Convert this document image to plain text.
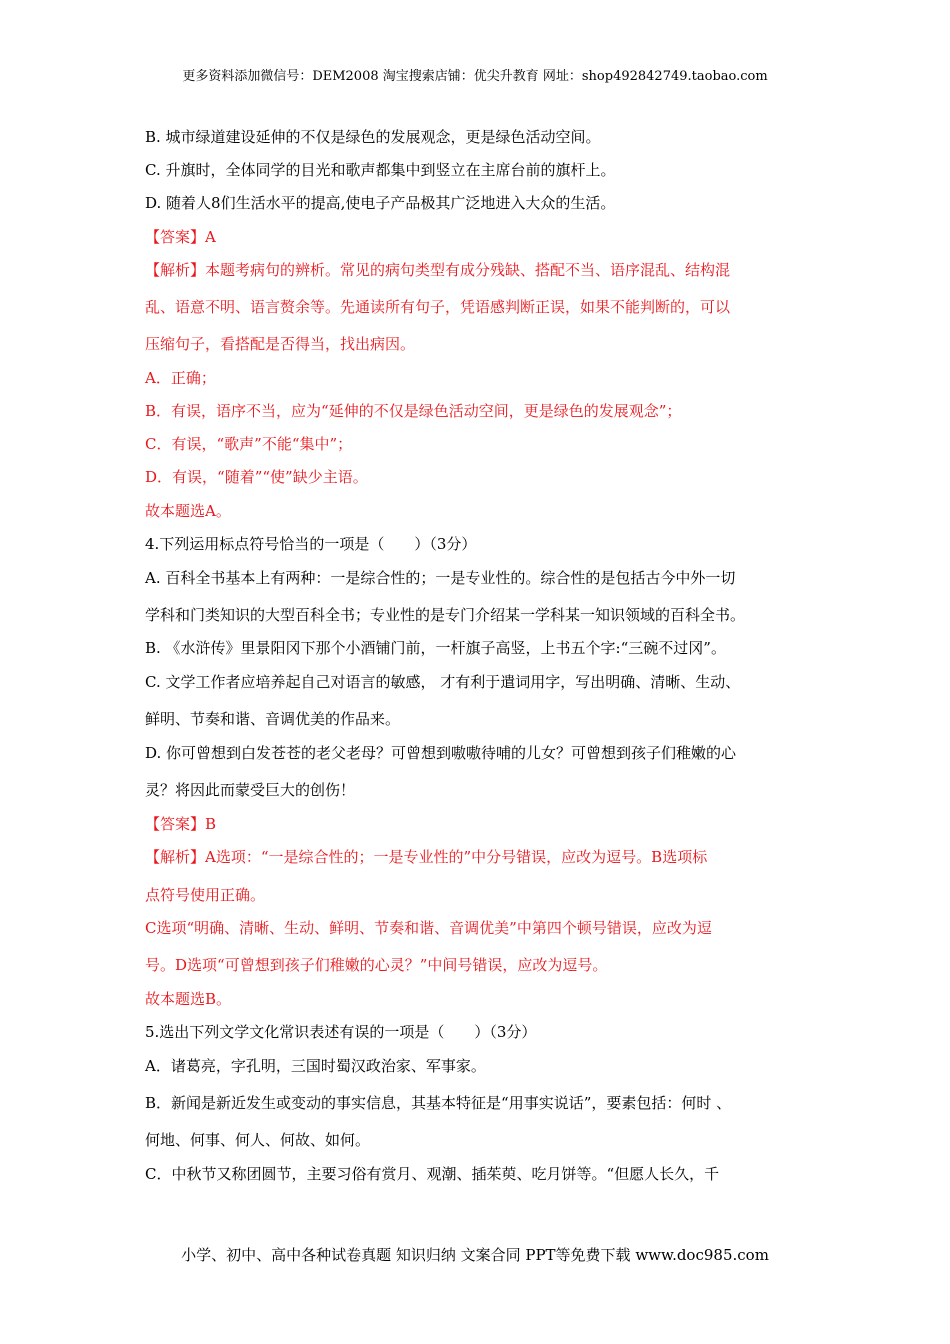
更多资料添加微信号：DEM2008 淘宝搜索店铺：优尖升教育 网址：shop492842749.taobao.com
B. 城市绿道建设延伸的不仅是绿色的发展观念，更是绿色活动空间。
C. 升旗时，全体同学的目光和歌声都集中到竖立在主席台前的旗杆上。
D. 随着人8们生活水平的提高,使电子产品极其广泛地进入大众的生活。
【答案】A
【解析】本题考病句的辨析。常见的病句类型有成分残缺、搭配不当、语序混乱、结构混
乱、语意不明、语言赘余等。先通读所有句子，凭语感判断正误，如果不能判断的，可以
压缩句子，看搭配是否得当，找出病因。
A．正确；
B．有误，语序不当，应为“延伸的不仅是绿色活动空间，更是绿色的发展观念”；
C．有误，“歌声”不能“集中”；
D．有误，“随着”“使”缺少主语。
故本题选A。
4.下列运用标点符号恰当的一项是（　　）（3分）
A. 百科全书基本上有两种：一是综合性的；一是专业性的。综合性的是包括古今中外一切
学科和门类知识的大型百科全书；专业性的是专门介绍某一学科某一知识领域的百科全书。
B. 《水浒传》里景阳冈下那个小酒铺门前，一杆旗子高竖，上书五个字:“三碗不过冈”。
C. 文学工作者应培养起自己对语言的敏感， 才有利于遣词用字，写出明确、清晰、生动、
鲜明、节奏和谐、音调优美的作品来。
D. 你可曾想到白发苍苍的老父老母？可曾想到嗷嗷待哺的儿女？可曾想到孩子们稚嫩的心
灵？将因此而蒙受巨大的创伤！
【答案】B
【解析】A选项：“一是综合性的；一是专业性的”中分号错误，应改为逗号。B选项标
点符号使用正确。
C选项“明确、清晰、生动、鲜明、节奏和谐、音调优美”中第四个顿号错误，应改为逗
号。D选项“可曾想到孩子们稚嫩的心灵？”中间号错误，应改为逗号。
故本题选B。
5.选出下列文学文化常识表述有误的一项是（　　）（3分）
A．诸葛亮，字孔明，三国时蜀汉政治家、军事家。
B．新闻是新近发生或变动的事实信息，其基本特征是“用事实说话”，要素包括：何时 、
何地、何事、何人、何故、如何。
C．中秋节又称团圆节，主要习俗有赏月、观潮、插茱萸、吃月饼等。“但愿人长久，千
小学、初中、高中各种试卷真题 知识归纳 文案合同 PPT等免费下载 www.doc985.com
